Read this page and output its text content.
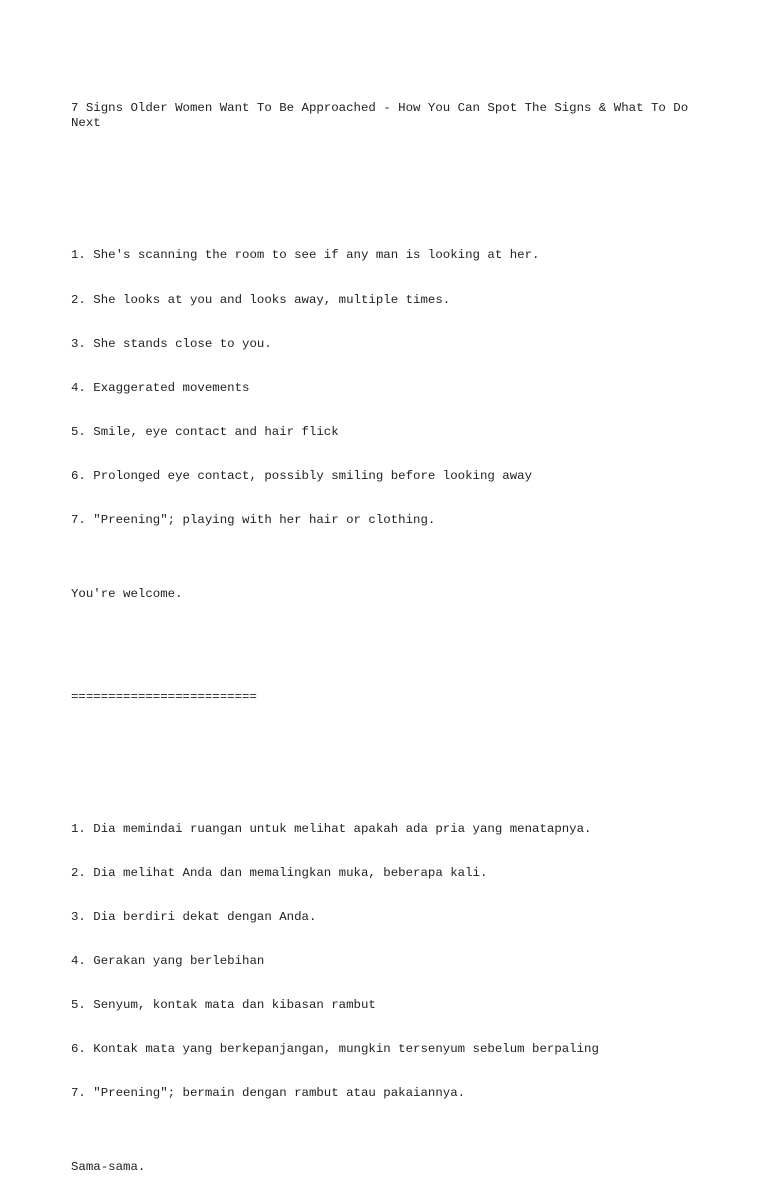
7 Signs Older Women Want To Be Approached - How You Can Spot The Signs & What To Do Next

1. She's scanning the room to see if any man is looking at her.

2. She looks at you and looks away, multiple times.

3. She stands close to you.

4. Exaggerated movements

5. Smile, eye contact and hair flick

6. Prolonged eye contact, possibly smiling before looking away

7. "Preening"; playing with her hair or clothing.

You're welcome.

=========================

1. Dia memindai ruangan untuk melihat apakah ada pria yang menatapnya.

2. Dia melihat Anda dan memalingkan muka, beberapa kali.

3. Dia berdiri dekat dengan Anda.

4. Gerakan yang berlebihan

5. Senyum, kontak mata dan kibasan rambut

6. Kontak mata yang berkepanjangan, mungkin tersenyum sebelum berpaling

7. "Preening"; bermain dengan rambut atau pakaiannya.

Sama-sama.
